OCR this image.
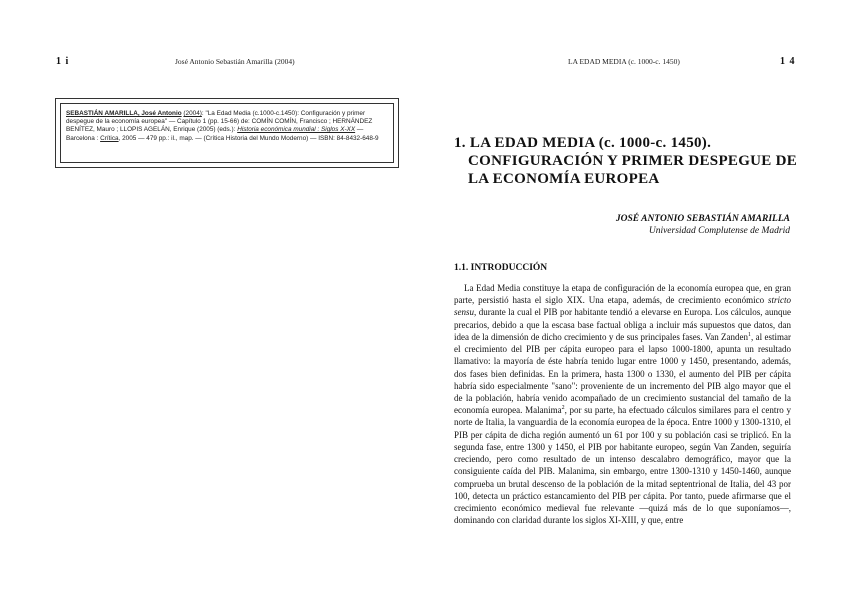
1 i	José Antonio Sebastián Amarilla (2004)
SEBASTIÁN AMARILLA, José Antonio (2004): "La Edad Media (c.1000-c.1450): Configuración y primer despegue de la economía europea" — Capítulo 1 (pp. 15-66) de: COMÍN COMÍN, Francisco ; HERNÁNDEZ BENÍTEZ, Mauro ; LLOPIS AGELÁN, Enrique (2005) (eds.): Historia económica mundial : Siglos X-XX — Barcelona : Crítica, 2005 — 479 pp.: il., map. — (Crítica Historia del Mundo Moderno) — ISBN: 84-8432-648-9
LA EDAD MEDIA (c. 1000-c. 1450)	1 4
1. LA EDAD MEDIA (c. 1000-c. 1450).
CONFIGURACIÓN Y PRIMER DESPEGUE DE LA ECONOMÍA EUROPEA
JOSÉ ANTONIO SEBASTIÁN AMARILLA
Universidad Complutense de Madrid
1.1. INTRODUCCIÓN

La Edad Media constituye la etapa de configuración de la economía europea que, en gran parte, persistió hasta el siglo XIX. Una etapa, además, de crecimiento económico stricto sensu, durante la cual el PIB por habitante tendió a elevarse en Europa. Los cálculos, aunque precarios, debido a que la escasa base factual obliga a incluir más supuestos que datos, dan idea de la dimensión de dicho crecimiento y de sus principales fases. Van Zanden$^1$, al estimar el crecimiento del PIB per cápita europeo para el lapso 1000-1800, apunta un resultado llamativo: la mayoría de éste habría tenido lugar entre 1000 y 1450, presentando, además, dos fases bien definidas. En la primera, hasta 1300 o 1330, el aumento del PIB per cápita habría sido especialmente "sano": proveniente de un incremento del PIB algo mayor que el de la población, habría venido acompañado de un crecimiento sustancial del tamaño de la economía europea. Malanima$^2$, por su parte, ha efectuado cálculos similares para el centro y norte de Italia, la vanguardia de la economía europea de la época. Entre 1000 y 1300-1310, el PIB per cápita de dicha región aumentó un 61 por 100 y su población casi se triplicó. En la segunda fase, entre 1300 y 1450, el PIB por habitante europeo, según Van Zanden, seguiría creciendo, pero como resultado de un intenso descalabro demográfico, mayor que la consiguiente caída del PIB. Malanima, sin embargo, entre 1300-1310 y 1450-1460, aunque comprueba un brutal descenso de la población de la mitad septentrional de Italia, del 43 por 100, detecta un práctico estancamiento del PIB per cápita. Por tanto, puede afirmarse que el crecimiento económico medieval fue relevante —quizá más de lo que suponíamos—, dominando con claridad durante los siglos XI-XIII, y que, entre
